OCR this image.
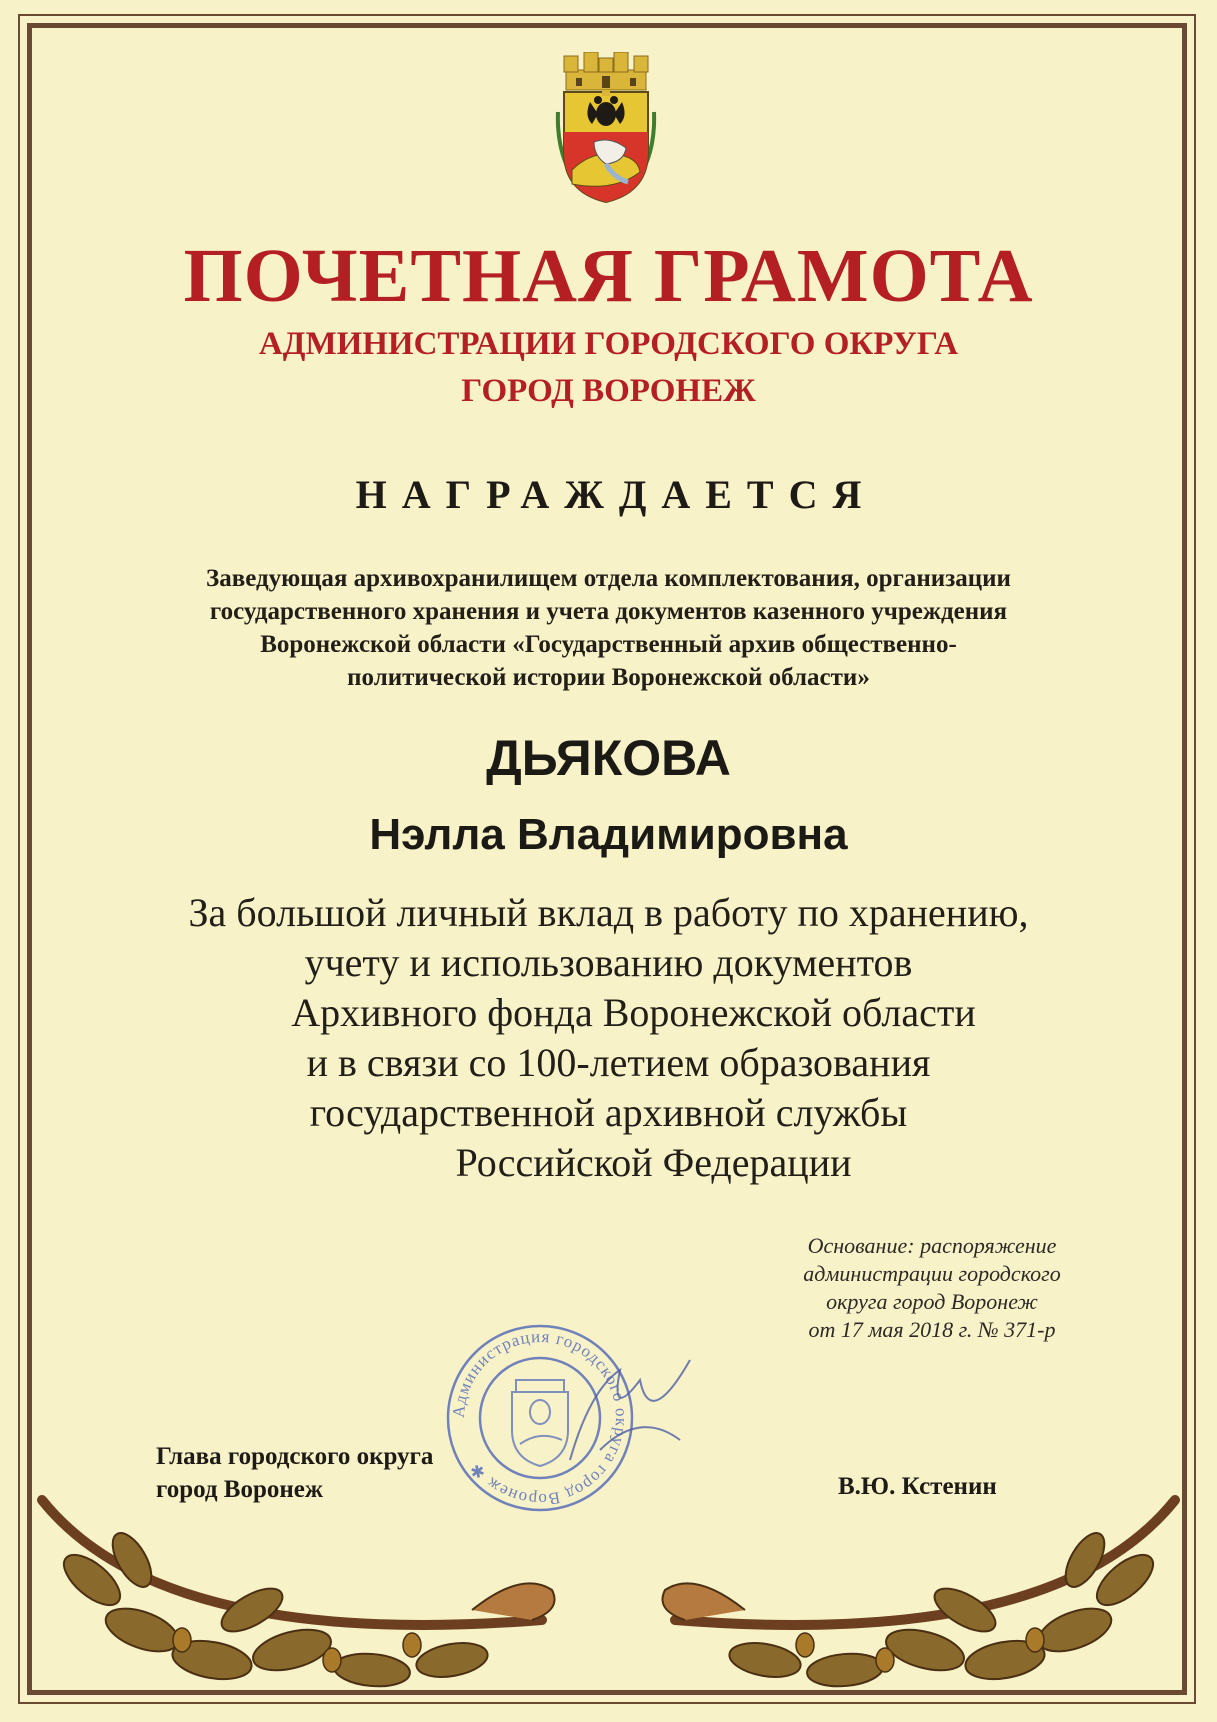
ПОЧЕТНАЯ ГРАМОТА
АДМИНИСТРАЦИИ ГОРОДСКОГО ОКРУГА
ГОРОД ВОРОНЕЖ
НАГРАЖДАЕТСЯ
Заведующая архивохранилищем отдела комплектования, организации
государственного хранения и учета документов казенного учреждения
Воронежской области «Государственный архив общественно-
политической истории Воронежской области»
ДЬЯКОВА
Нэлла Владимировна
За большой личный вклад в работу по хранению,
учету и использованию документов
Архивного фонда Воронежской области
и в связи со 100-летием образования
государственной архивной службы
Российской Федерации
Основание: распоряжение
администрации городского
округа город Воронеж
от 17 мая 2018 г. № 371-р
Администрация городского округа город Воронеж ✱
Глава городского округа
город Воронеж	В.Ю. Кстенин
